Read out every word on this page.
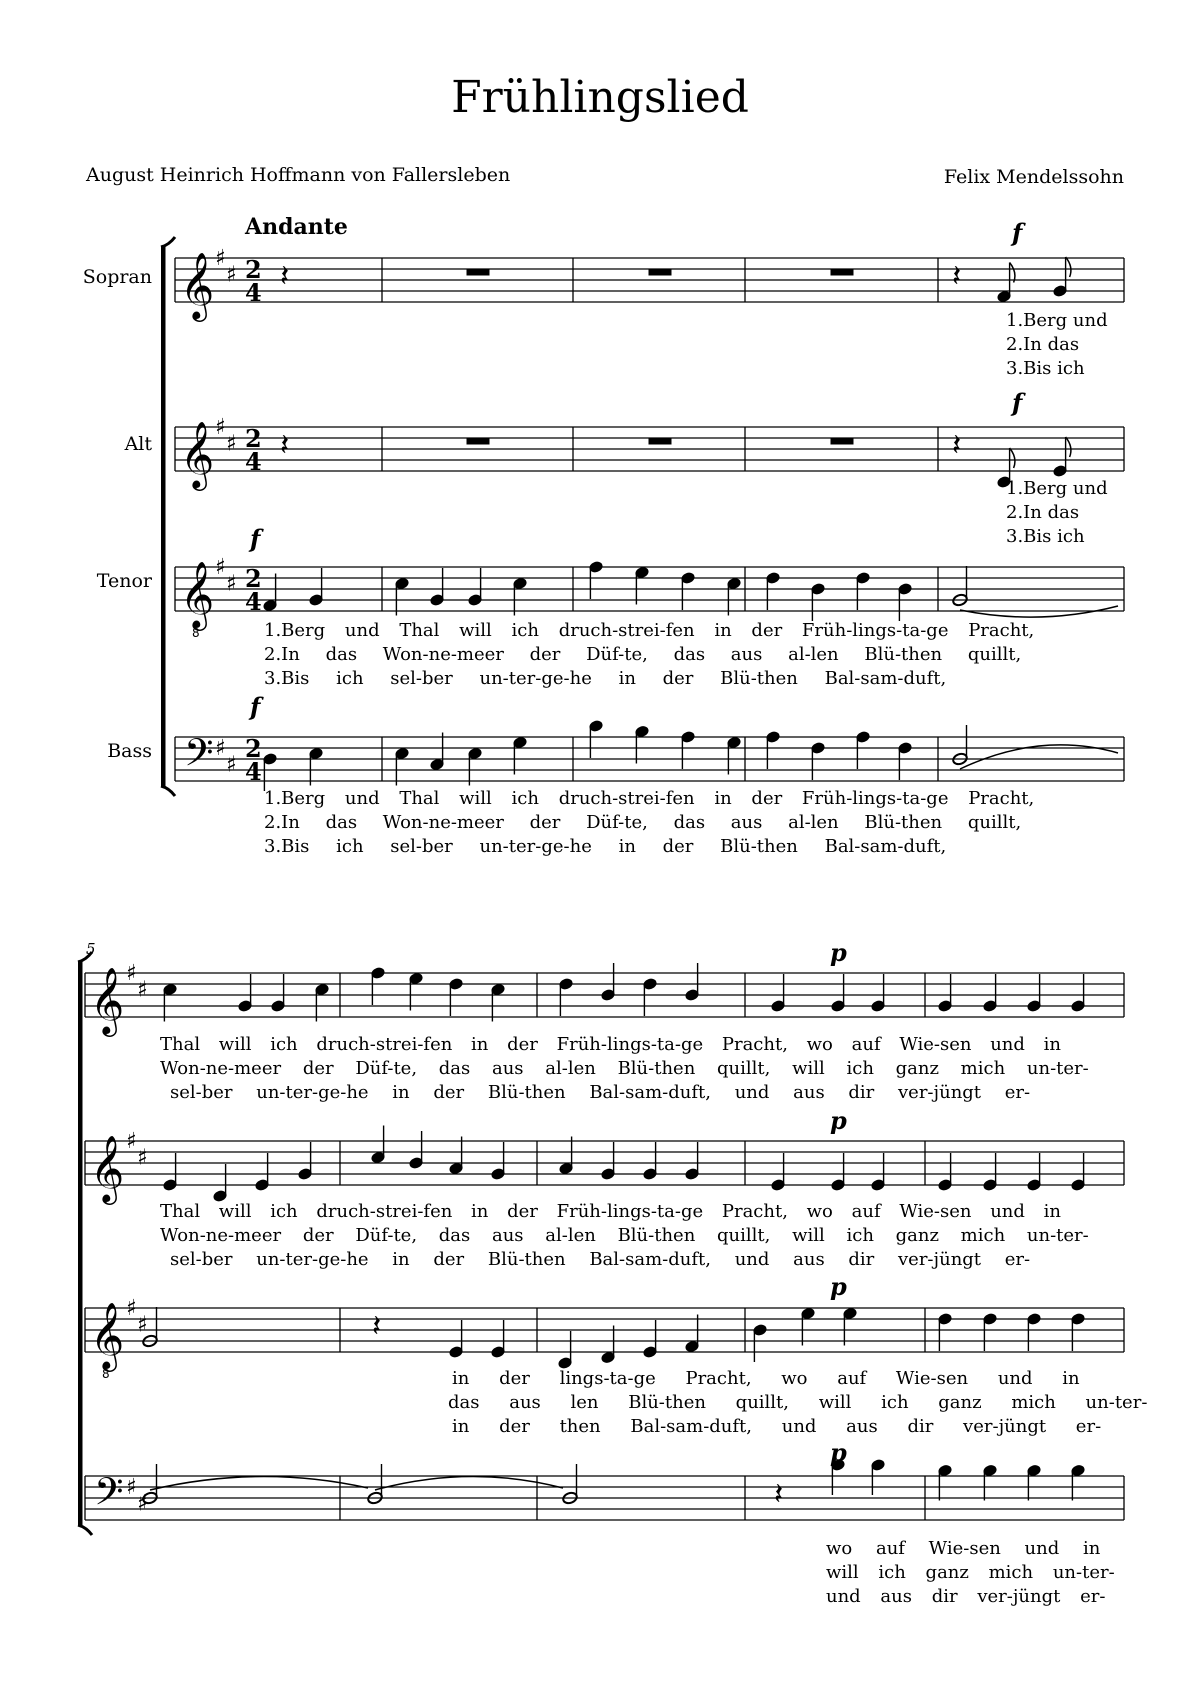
Frühlingslied
August Heinrich Hoffmann von Fallersleben	Felix Mendelssohn
Andante
Sopran
Alt
Tenor
Bass
5
𝄞 ♯
♯ 2
4
𝄞 ♯
♯ 2
4
𝄞
8
♯
♯ 2
4
𝄢 ♯
♯
2
4
𝄞 ♯
♯
𝄞 ♯
♯
𝄞
8
♯
♯
𝄢 ♯
♯
𝄽	𝄽	♪
𝄽	𝄽	♪
𝄽
𝄽
f
f
f
f
p
p
p
p
1.Berg und
2.In das
3.Bis ich
1.Berg und
2.In das
3.Bis ich
1.Berg und Thal will ich druch-strei-fen in der Früh-lings-ta-ge Pracht,
2.In das Won-ne-meer der Düf-te, das aus al-len Blü-then quillt,
3.Bis ich sel-ber un-ter-ge-he in der Blü-then Bal-sam-duft,
1.Berg und Thal will ich druch-strei-fen in der Früh-lings-ta-ge Pracht,
2.In das Won-ne-meer der Düf-te, das aus al-len Blü-then quillt,
3.Bis ich sel-ber un-ter-ge-he in der Blü-then Bal-sam-duft,
Thal will ich druch-strei-fen in der Früh-lings-ta-ge Pracht, wo auf Wie-sen und in
Won-ne-meer der Düf-te, das aus al-len Blü-then quillt, will ich ganz mich un-ter-
sel-ber un-ter-ge-he in der Blü-then Bal-sam-duft, und aus dir ver-jüngt er-
Thal will ich druch-strei-fen in der Früh-lings-ta-ge Pracht, wo auf Wie-sen und in
Won-ne-meer der Düf-te, das aus al-len Blü-then quillt, will ich ganz mich un-ter-
sel-ber un-ter-ge-he in der Blü-then Bal-sam-duft, und aus dir ver-jüngt er-
in der lings-ta-ge Pracht, wo auf Wie-sen und in
das aus len Blü-then quillt, will ich ganz mich un-ter-
in der then Bal-sam-duft, und aus dir ver-jüngt er-
wo auf Wie-sen und in
will ich ganz mich un-ter-
und aus dir ver-jüngt er-
